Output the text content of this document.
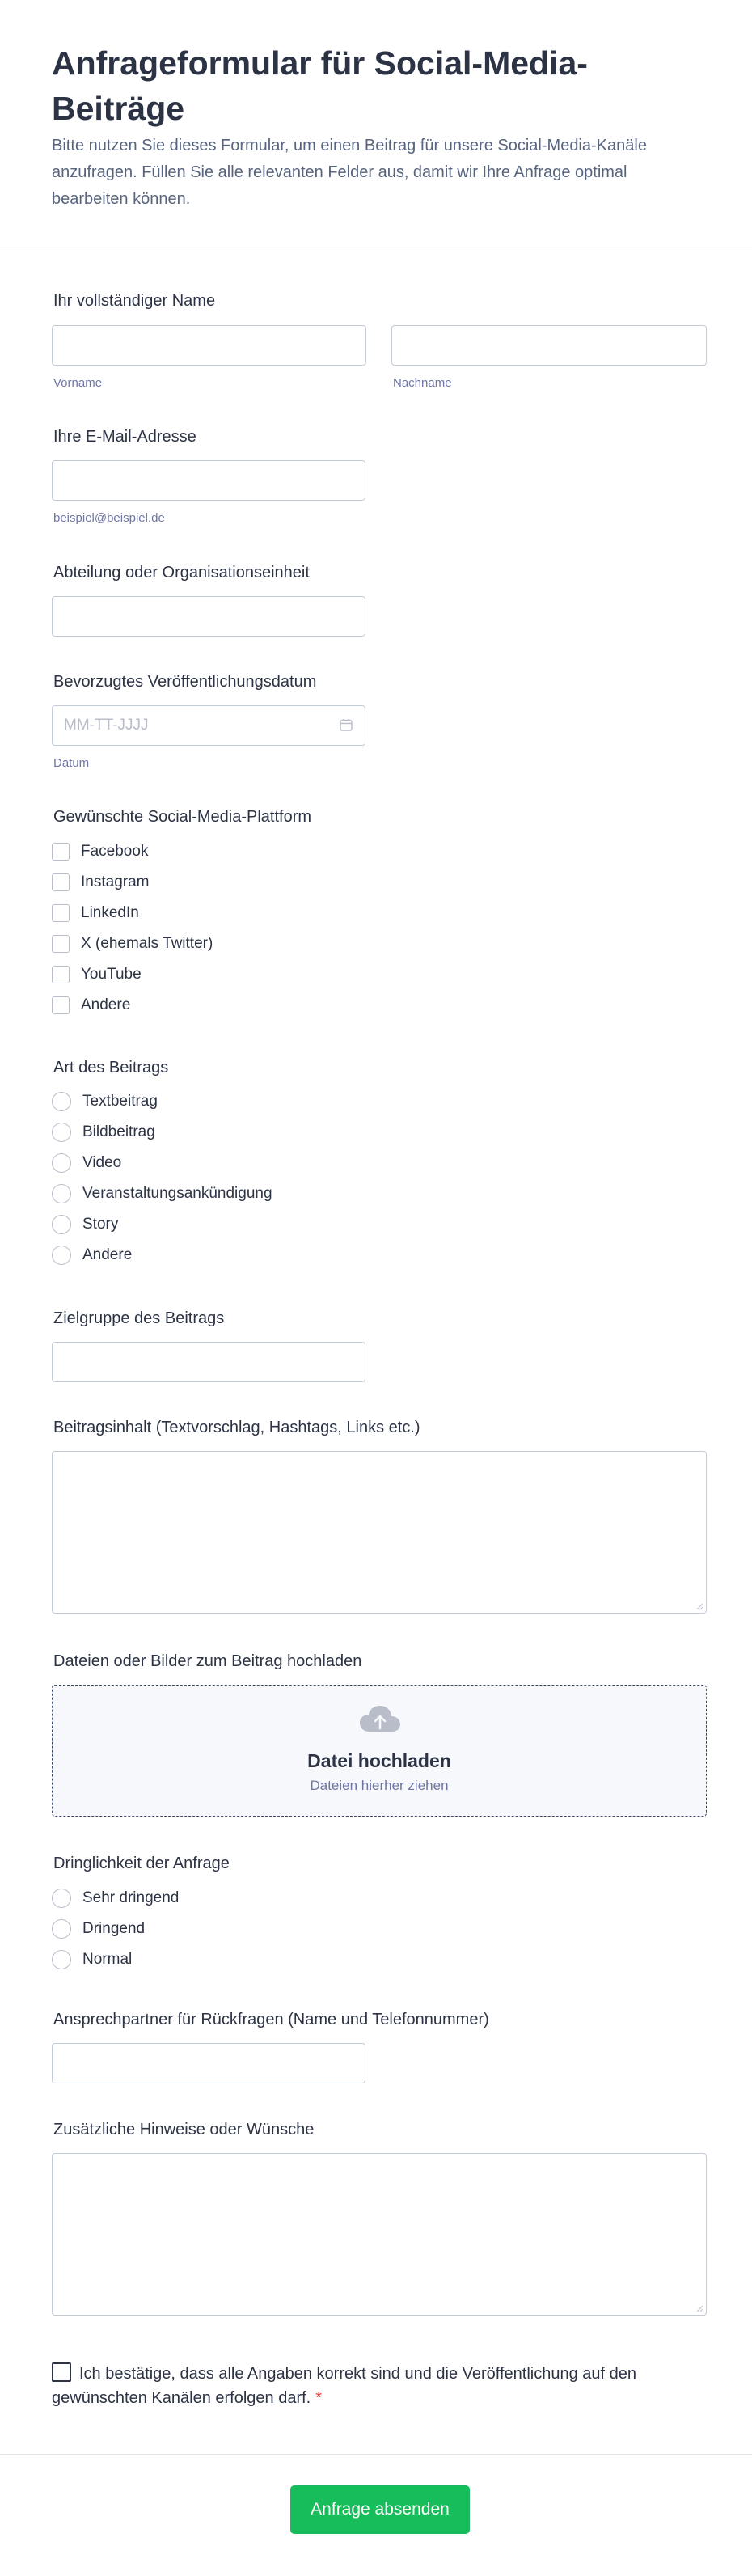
Anfrageformular für Social-Media-Beiträge
Bitte nutzen Sie dieses Formular, um einen Beitrag für unsere Social-Media-Kanäle anzufragen. Füllen Sie alle relevanten Felder aus, damit wir Ihre Anfrage optimal bearbeiten können.
Ihr vollständiger Name
Vorname	Nachname
Ihre E-Mail-Adresse
beispiel@beispiel.de
Abteilung oder Organisationseinheit
Bevorzugtes Veröffentlichungsdatum
MM-TT-JJJJ
Datum
Gewünschte Social-Media-Plattform
Facebook
Instagram
LinkedIn
X (ehemals Twitter)
YouTube
Andere
Art des Beitrags
Textbeitrag
Bildbeitrag
Video
Veranstaltungsankündigung
Story
Andere
Zielgruppe des Beitrags
Beitragsinhalt (Textvorschlag, Hashtags, Links etc.)
Dateien oder Bilder zum Beitrag hochladen
Datei hochladen
Dateien hierher ziehen
Dringlichkeit der Anfrage
Sehr dringend
Dringend
Normal
Ansprechpartner für Rückfragen (Name und Telefonnummer)
Zusätzliche Hinweise oder Wünsche
Ich bestätige, dass alle Angaben korrekt sind und die Veröffentlichung auf den gewünschten Kanälen erfolgen darf. *
Anfrage absenden
